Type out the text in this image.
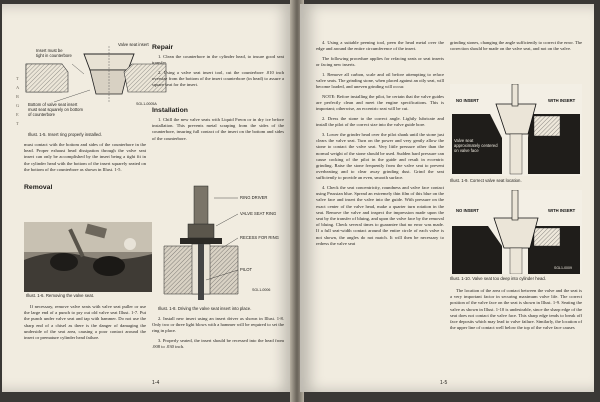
T
A
R
G
E
T
Insert must be
tight in counterbore
Valve seat insert
Bottom of valve seat insert
must seat squarely on bottom
of counterbore
SGL1-0005A
Illust. 1-5. Insert ring properly installed.

must contact with the bottom and sides of the counterbore in the head. Proper exhaust head dissipation through the valve seat insert can only be accomplished by the insert being a tight fit in the cylinder head with the bottom of the insert squarely seated on the bottom of the counterbore as shown in Illust. 1-5.

Removal
Illust. 1-6. Removing the valve seat.

If necessary, remove valve seats with valve seat puller or use the large end of a punch to pry out old valve seat Illust. 1-7. Put the punch under valve seat and tap with hammer. Do not use the sharp end of a chisel as there is the danger of damaging the underside of the seat area, causing a poor contact around the insert or premature cylinder head failure.

Repair

1. Clean the counterbore in the cylinder head, to insure good seat transfer.

2. Using a valve seat insert tool, cut the counterbore .010 inch oversize from the bottom of the insert counterbore (in head) to assure a square seat for the insert.

Installation

1. Chill the new valve seats with Liquid Freon or in dry ice before installation. This prevents metal scraping from the sides of the counterbore, insuring full contact of the insert on the bottom and sides of the counterbore.

RING DRIVER
VALVE SEAT RING
RECESS FOR RING
PILOT
SGL1-0006
Illust. 1-8. Driving the valve seat insert into place.

2. Install new insert using an insert driver as shown in Illust. 1-8. Only two or three light blows with a hammer will be required to set the ring in place.

3. Properly seated, the insert should be recessed into the head from .008 to .030 inch.

1-4

4. Using a suitable peening tool, peen the head metal over the edge and around the entire circumference of the insert.

The following procedure applies for refacing seats or seat inserts or facing new inserts.

1. Remove all carbon, scale and oil before attempting to reface valve seats. The grinding stone, when placed against an oily seat, will become loaded, and uneven grinding will occur.

NOTE: Before installing the pilot, be certain that the valve guides are perfectly clean and meet the engine specifications. This is important; otherwise, an eccentric seat will be cut.

2. Dress the stone to the correct angle. Lightly lubricate and install the pilot of the correct size into the valve guide bore.

3. Lower the grinder head over the pilot shank until the stone just clears the valve seat. Turn on the power and very gently allow the stone to contact the valve seat. Very little pressure other than the normal weight of the stone should be used. Sudden hard pressure can cause cocking of the pilot in the guide and result in eccentric grinding. Raise the stone frequently from the valve seat to prevent overheating and to clear away grinding dust. Grind the seat sufficiently to provide an even, smooth surface.

4. Check the seat concentricity, roundness and valve face contact using Prussian blue. Spread an extremely thin film of this blue on the valve face and insert the valve into the guide. With pressure on the exact center of the valve head, make a quarter turn rotation in the seat. Remove the valve and inspect the impression made upon the seat by the transfer of bluing, and upon the valve face by the removal of bluing. Check several times to guarantee that no error was made. If a full seat-width contact around the entire circle of each valve is not shown, the angles do not match. It will then be necessary to redress the valve seat

grinding stones, changing the angle sufficiently to correct the error. The correction should be made on the valve seat, and not on the valve.

NO INSERT	WITH INSERT
Valve seat approximately centered on valve face
Illust. 1-9. Correct valve seat location.
NO INSERT	WITH INSERT
SGL1-0009
Illust. 1-10. Valve seat too deep into cylinder head.

The location of the area of contact between the valve and the seat is a very important factor in securing maximum valve life. The correct position of the valve face on the seat is shown in Illust. 1-9. Seating the valve as shown in Illust. 1-10 is undesirable, since the sharp edge of the seat does not contact the valve face. This sharp edge tends to break off face deposits which may lead to valve failure. Similarly, the location of the upper line of contact well below the top of the valve face causes

1-5
